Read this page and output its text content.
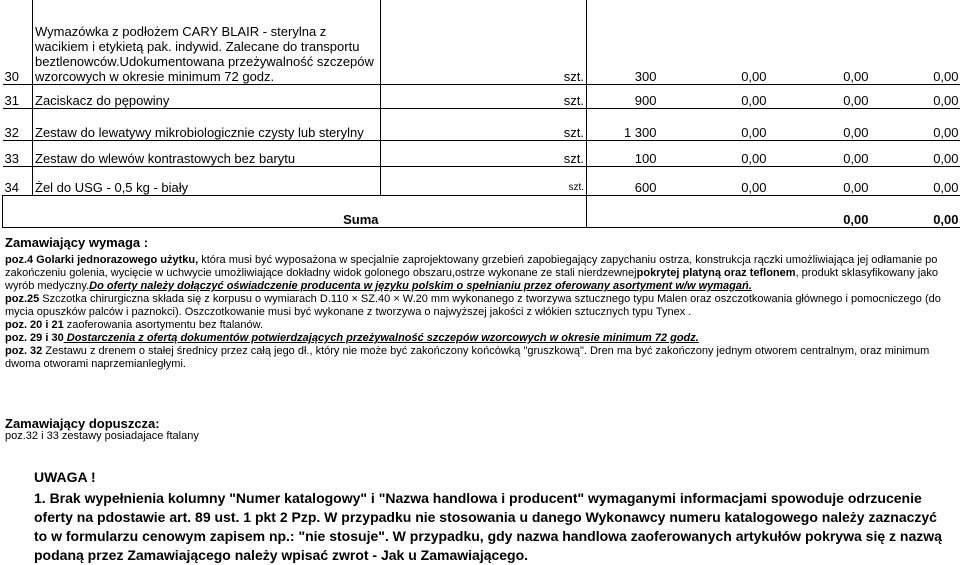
30	Wymazówka z podłożem CARY BLAIR - sterylna z wacikiem i etykietą pak. indywid. Zalecane do transportu beztlenowców.Udokumentowana przeżywalność szczepów wzorcowych w okresie minimum 72 godz.	szt.	300	0,00	0,00	0,00
31	Zaciskacz do pępowiny	szt.	900	0,00	0,00	0,00
32	Zestaw do lewatywy mikrobiologicznie czysty lub sterylny	szt.	1 300	0,00	0,00	0,00
33	Zestaw do wlewów kontrastowych bez barytu	szt.	100	0,00	0,00	0,00
34	Żel do USG - 0,5 kg - biały	szt.	600	0,00	0,00	0,00
Suma					0,00	0,00
Zamawiający wymaga :

poz.4 Golarki jednorazowego użytku, która musi być wyposażona w specjalnie zaprojektowany grzebień zapobiegający zapychaniu ostrza, konstrukcja rączki umożliwiająca jej odłamanie po zakończeniu golenia, wycięcie w uchwycie umożliwiające dokładny widok golonego obszaru,ostrze wykonane ze stali nierdzewnejpokrytej platyną oraz teflonem, produkt sklasyfikowany jako wyrób medyczny.Do oferty należy dołączyć oświadczenie producenta w języku polskim o spełnianiu przez oferowany asortyment w/w wymagań.

poz.25 Szczotka chirurgiczna składa się z korpusu o wymiarach D.110 × SZ.40 × W.20 mm wykonanego z tworzywa sztucznego typu Malen oraz oszczotkowania głównego i pomocniczego (do mycia opuszków palców i paznokci). Oszczotkowanie musi być wykonane z tworzywa o najwyższej jakości z włókien sztucznych typu Tynex .

poz. 20 i 21 zaoferowania asortymentu bez ftalanów.

poz. 29 i 30 Dostarczenia z ofertą dokumentów potwierdzających przeżywalność szczepów wzorcowych w okresie minimum 72 godz.

poz. 32 Zestawu z drenem o stałej średnicy przez całą jego dł., który nie może być zakończony końcówką "gruszkową". Dren ma być zakończony jednym otworem centralnym, oraz minimum dwoma otworami naprzemianległymi.

Zamawiający dopuszcza:
poz.32 i 33 zestawy posiadajace ftalany
UWAGA !
1. Brak wypełnienia kolumny "Numer katalogowy" i "Nazwa handlowa i producent" wymaganymi informacjami spowoduje odrzucenie oferty na pdostawie art. 89 ust. 1 pkt 2 Pzp. W przypadku nie stosowania u danego Wykonawcy numeru katalogowego należy zaznaczyć to w formularzu cenowym zapisem np.: "nie stosuje". W przypadku, gdy nazwa handlowa zaoferowanych artykułów pokrywa się z nazwą podaną przez Zamawiającego należy wpisać zwrot - Jak u Zamawiającego.
